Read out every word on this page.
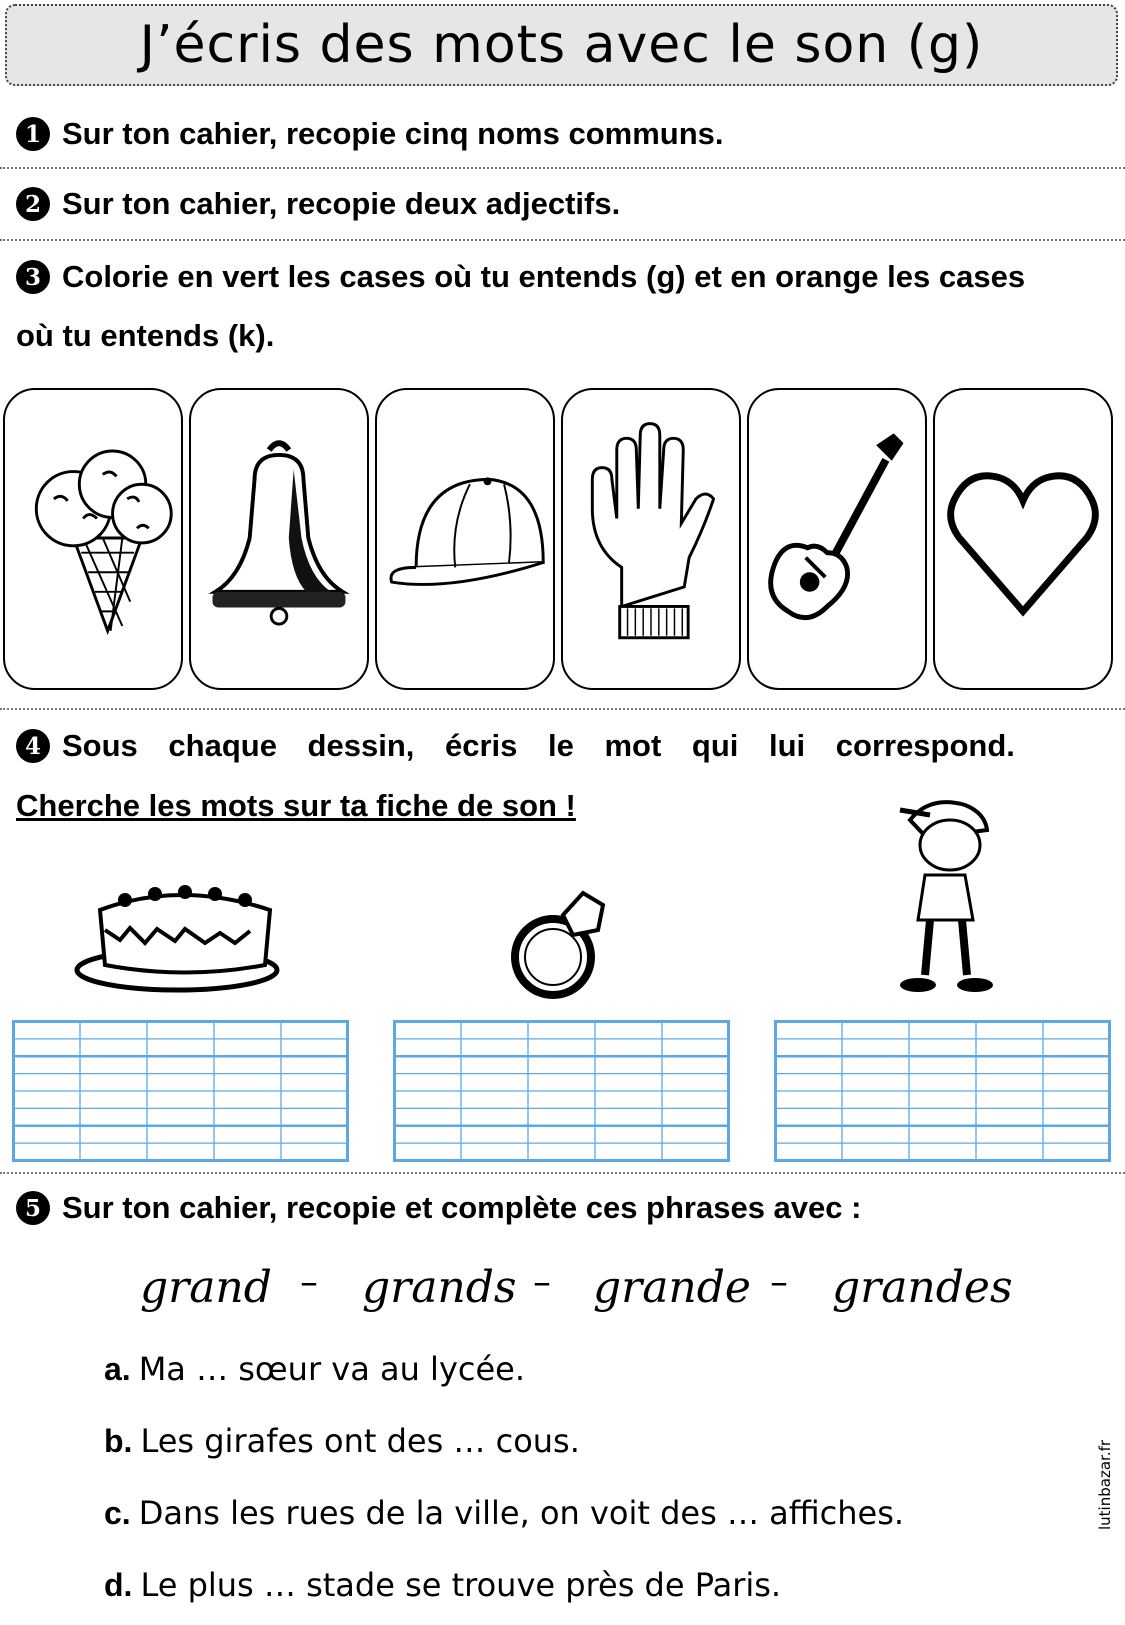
J’écris des mots avec le son (g)
1 Sur ton cahier, recopie cinq noms communs.
2 Sur ton cahier, recopie deux adjectifs.
3 Colorie en vert les cases où tu entends (g) et en orange les cases
où tu entends (k).
4 Sous chaque dessin, écris le mot qui lui correspond.
Cherche les mots sur ta fiche de son !
5 Sur ton cahier, recopie et complète ces phrases avec :
grand – grands – grande – grandes
a. Ma … sœur va au lycée.
b. Les girafes ont des … cous.
c. Dans les rues de la ville, on voit des … affiches.
d. Le plus … stade se trouve près de Paris.
lutinbazar.fr
